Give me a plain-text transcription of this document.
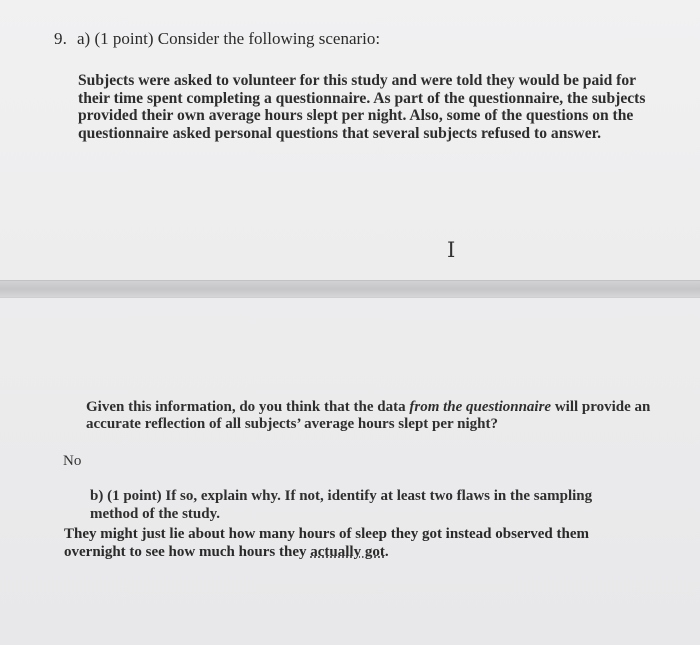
9. a) (1 point) Consider the following scenario:
Subjects were asked to volunteer for this study and were told they would be paid for their time spent completing a questionnaire. As part of the questionnaire, the subjects provided their own average hours slept per night. Also, some of the questions on the questionnaire asked personal questions that several subjects refused to answer.
I
Given this information, do you think that the data from the questionnaire will provide an accurate reflection of all subjects’ average hours slept per night?
No
b) (1 point) If so, explain why. If not, identify at least two flaws in the sampling method of the study.
They might just lie about how many hours of sleep they got instead observed them overnight to see how much hours they actually got.
